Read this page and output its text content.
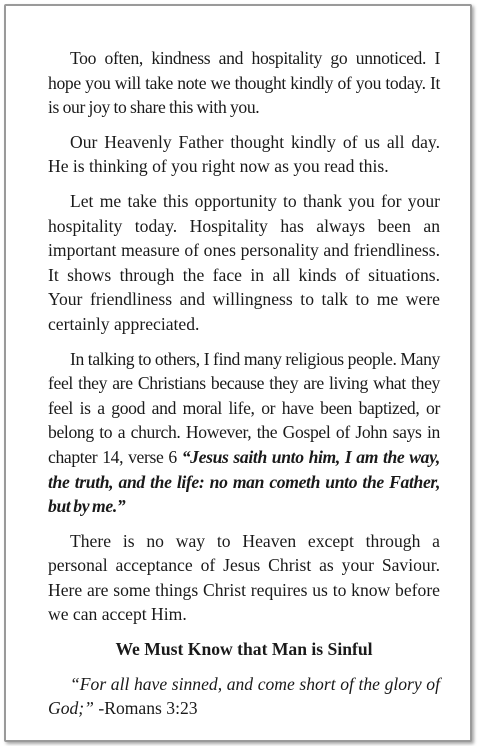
Too often, kindness and hospitality go unnoticed. I hope you will take note we thought kindly of you today. It is our joy to share this with you.

Our Heavenly Father thought kindly of us all day. He is thinking of you right now as you read this.

Let me take this opportunity to thank you for your hospitality today. Hospitality has always been an important measure of ones personality and friendliness. It shows through the face in all kinds of situations. Your friendliness and willingness to talk to me were certainly appreciated.

In talking to others, I find many religious people. Many feel they are Christians because they are living what they feel is a good and moral life, or have been baptized, or belong to a church. However, the Gospel of John says in chapter 14, verse 6 “Jesus saith unto him, I am the way, the truth, and the life: no man cometh unto the Father, but by me.”

There is no way to Heaven except through a personal acceptance of Jesus Christ as your Saviour. Here are some things Christ requires us to know before we can accept Him.

We Must Know that Man is Sinful

“For all have sinned, and come short of the glory of God;” -Romans 3:23
